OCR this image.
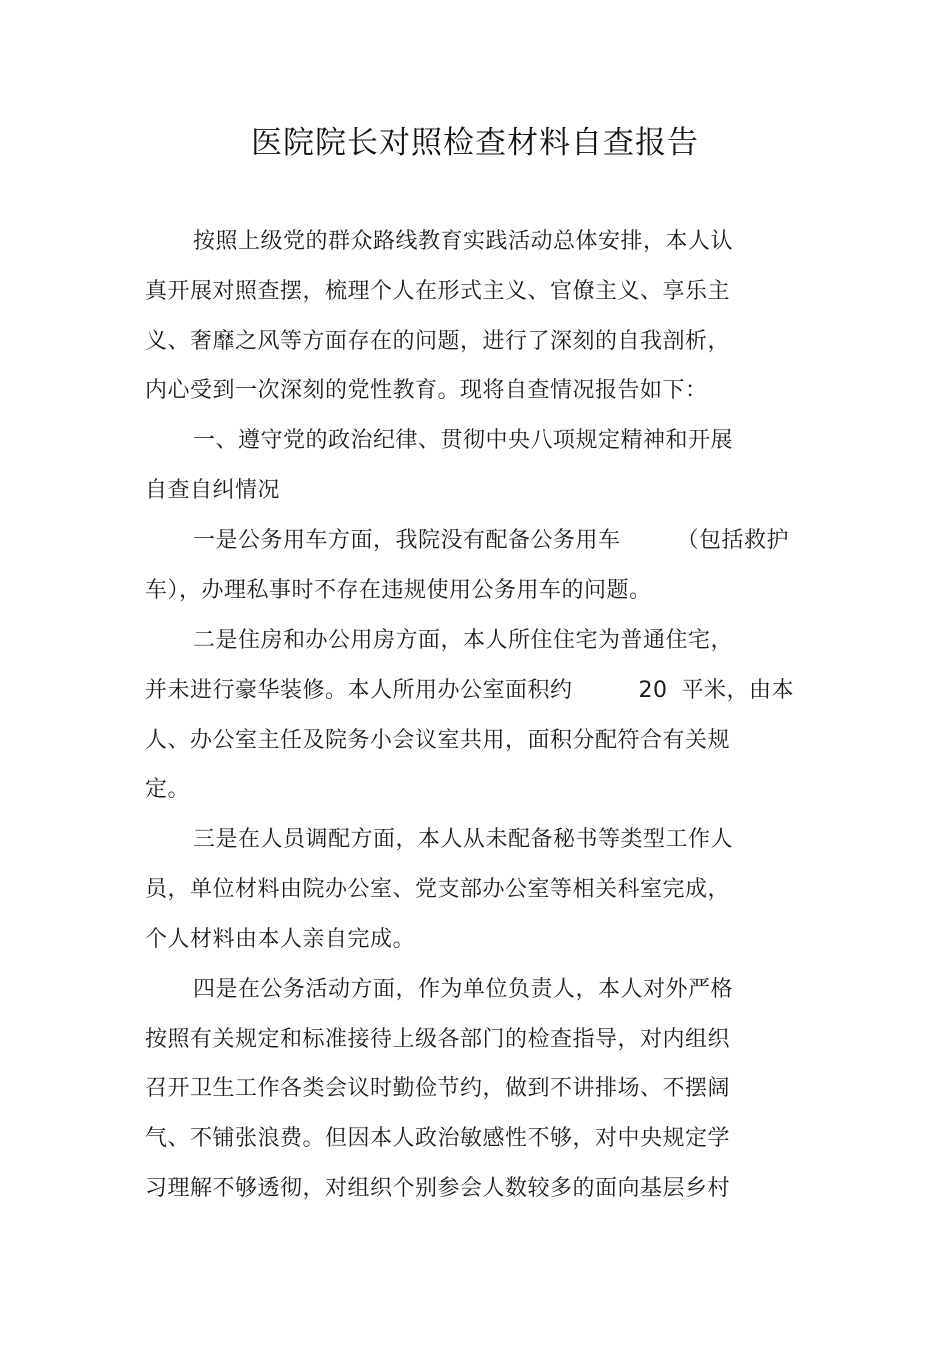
医院院长对照检查材料自查报告
按照上级党的群众路线教育实践活动总体安排，本人认
真开展对照查摆，梳理个人在形式主义、官僚主义、享乐主
义、奢靡之风等方面存在的问题，进行了深刻的自我剖析，
内心受到一次深刻的党性教育。现将自查情况报告如下：
一、遵守党的政治纪律、贯彻中央八项规定精神和开展
自查自纠情况
一是公务用车方面，我院没有配备公务用车	（包括救护
车），办理私事时不存在违规使用公务用车的问题。
二是住房和办公用房方面，本人所住住宅为普通住宅，
并未进行豪华装修。本人所用办公室面积约	20 平米，由本
人、办公室主任及院务小会议室共用，面积分配符合有关规
定。
三是在人员调配方面，本人从未配备秘书等类型工作人
员，单位材料由院办公室、党支部办公室等相关科室完成，
个人材料由本人亲自完成。
四是在公务活动方面，作为单位负责人，本人对外严格
按照有关规定和标准接待上级各部门的检查指导，对内组织
召开卫生工作各类会议时勤俭节约，做到不讲排场、不摆阔
气、不铺张浪费。但因本人政治敏感性不够，对中央规定学
习理解不够透彻，对组织个别参会人数较多的面向基层乡村
